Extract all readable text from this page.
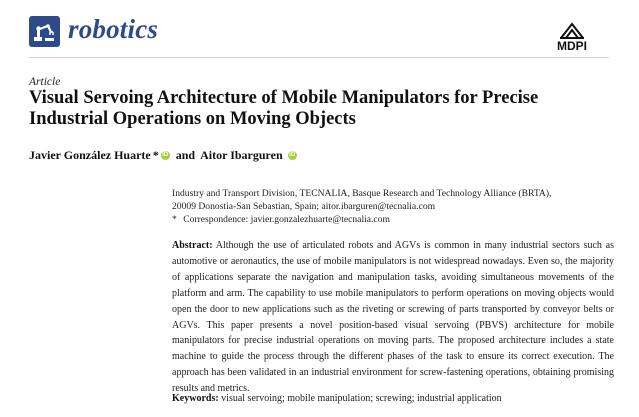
robotics
MDPI
Article
Visual Servoing Architecture of Mobile Manipulators for Precise
Industrial Operations on Moving Objects
Javier González Huarte * iD and Aitor Ibarguren iD
Industry and Transport Division, TECNALIA, Basque Research and Technology Alliance (BRTA),
20009 Donostia-San Sebastian, Spain; aitor.ibarguren@tecnalia.com
* Correspondence: javier.gonzalezhuarte@tecnalia.com
Abstract: Although the use of articulated robots and AGVs is common in many industrial sectors such as automotive or aeronautics, the use of mobile manipulators is not widespread nowadays. Even so, the majority of applications separate the navigation and manipulation tasks, avoiding simultaneous movements of the platform and arm. The capability to use mobile manipulators to perform operations on moving objects would open the door to new applications such as the riveting or screwing of parts transported by conveyor belts or AGVs. This paper presents a novel position-based visual servoing (PBVS) architecture for mobile manipulators for precise industrial operations on moving parts. The proposed architecture includes a state machine to guide the process through the different phases of the task to ensure its correct execution. The approach has been validated in an industrial environment for screw-fastening operations, obtaining promising results and metrics.
Keywords: visual servoing; mobile manipulation; screwing; industrial application
